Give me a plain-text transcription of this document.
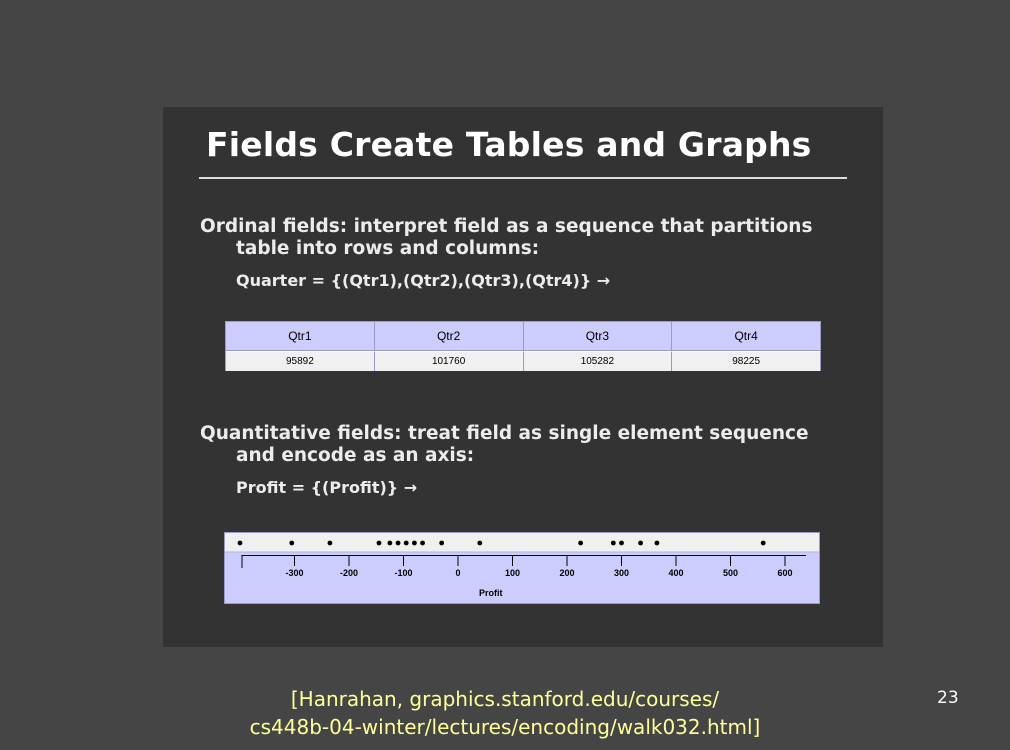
Fields Create Tables and Graphs
Ordinal fields: interpret field as a sequence that partitions
table into rows and columns:
Quarter = {(Qtr1),(Qtr2),(Qtr3),(Qtr4)} →
Qtr1	Qtr2	Qtr3	Qtr4
95892	101760	105282	98225
Quantitative fields: treat field as single element sequence
and encode as an axis:
Profit = {(Profit)} →
-300	-200	-100	0	100	200	300	400	500	600
Profit
[Hanrahan, graphics.stanford.edu/courses/
cs448b-04-winter/lectures/encoding/walk032.html]
23
